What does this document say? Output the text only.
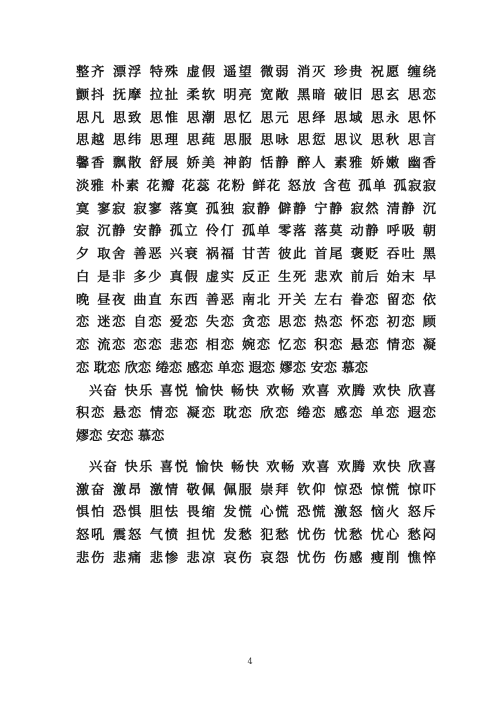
整齐 漂浮 特殊 虚假 遥望 微弱 消灭 珍贵 祝愿 缠绕
颤抖 抚摩 拉扯 柔软 明亮 宽敞 黑暗 破旧 思玄 思恋
思凡 思致 思惟 思潮 思忆 思元 思绎 思域 思永 思怀
思越 思纬 思理 思莼 思服 思咏 思愆 思议 思秋 思言
馨香 飘散 舒展 娇美 神韵 恬静 醉人 素雅 娇嫩 幽香
淡雅 朴素 花瓣 花蕊 花粉 鲜花 怒放 含苞 孤单 孤寂寂
寞 寥寂 寂寥 落寞 孤独 寂静 僻静 宁静 寂然 清静 沉
寂 沉静 安静 孤立 伶仃 孤单 零落 落莫 动静 呼吸 朝
夕 取舍 善恶 兴衰 祸福 甘苦 彼此 首尾 褒贬 吞吐 黑
白 是非 多少 真假 虚实 反正 生死 悲欢 前后 始末 早
晚 昼夜 曲直 东西 善恶 南北 开关 左右 眷恋 留恋 依
恋 迷恋 自恋 爱恋 失恋 贪恋 思恋 热恋 怀恋 初恋 顾
恋 流恋 恋恋 悲恋 相恋 婉恋 忆恋 积恋 悬恋 情恋 凝
恋 耽恋 欣恋 绻恋 感恋 单恋 遐恋 嫪恋 安恋 慕恋
兴奋 快乐 喜悦 愉快 畅快 欢畅 欢喜 欢腾 欢快 欣喜
积恋 悬恋 情恋 凝恋 耽恋 欣恋 绻恋 感恋 单恋 遐恋
嫪恋 安恋 慕恋
兴奋 快乐 喜悦 愉快 畅快 欢畅 欢喜 欢腾 欢快 欣喜
激奋 激昂 激情 敬佩 佩服 崇拜 钦仰 惊恐 惊慌 惊吓
惧怕 恐惧 胆怯 畏缩 发慌 心慌 恐慌 激怒 恼火 怒斥
怒吼 震怒 气愤 担忧 发愁 犯愁 忧伤 忧愁 忧心 愁闷
悲伤 悲痛 悲惨 悲凉 哀伤 哀怨 忧伤 伤感 瘦削 憔悴
4
